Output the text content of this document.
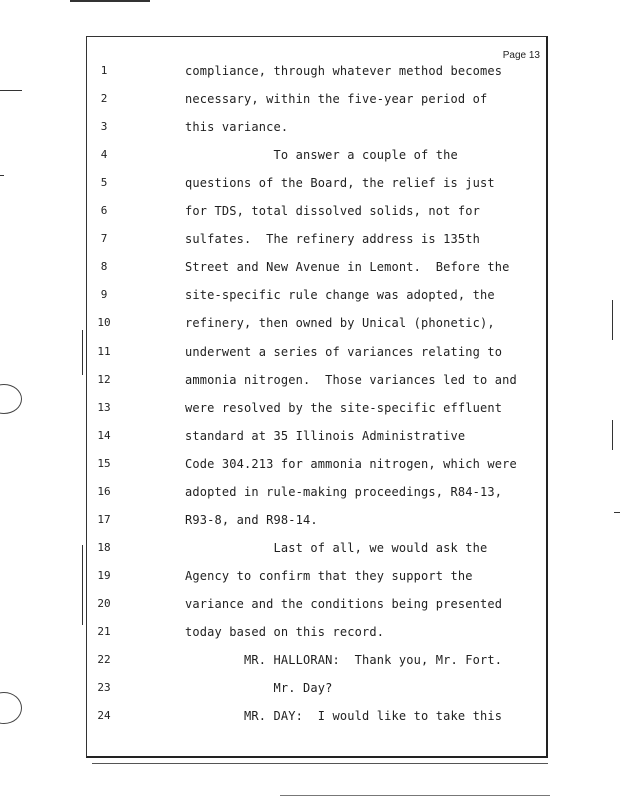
Page 13
1	compliance, through whatever method becomes
2	necessary, within the five-year period of
3	this variance.
4	To answer a couple of the
5	questions of the Board, the relief is just
6	for TDS, total dissolved solids, not for
7	sulfates.  The refinery address is 135th
8	Street and New Avenue in Lemont.  Before the
9	site-specific rule change was adopted, the
10	refinery, then owned by Unical (phonetic),
11	underwent a series of variances relating to
12	ammonia nitrogen.  Those variances led to and
13	were resolved by the site-specific effluent
14	standard at 35 Illinois Administrative
15	Code 304.213 for ammonia nitrogen, which were
16	adopted in rule-making proceedings, R84-13,
17	R93-8, and R98-14.
18	Last of all, we would ask the
19	Agency to confirm that they support the
20	variance and the conditions being presented
21	today based on this record.
22	MR. HALLORAN:  Thank you, Mr. Fort.
23	Mr. Day?
24	MR. DAY:  I would like to take this
